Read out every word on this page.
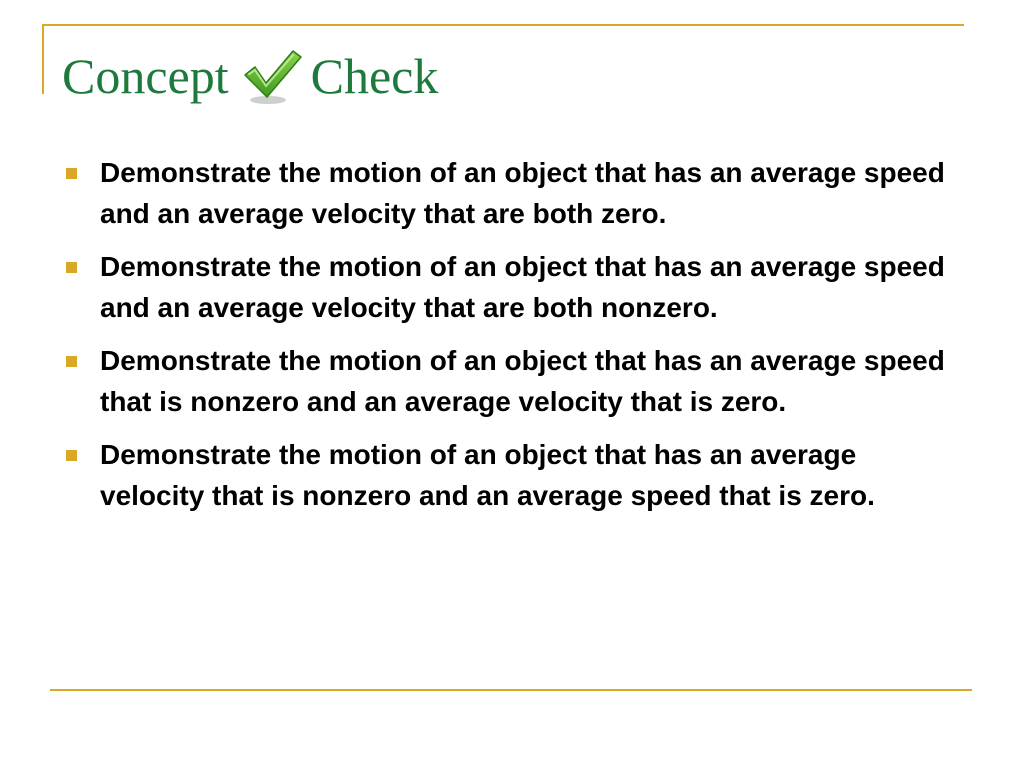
Concept Check
Demonstrate the motion of an object that has an average speed and an average velocity that are both zero.
Demonstrate the motion of an object that has an average speed and an average velocity that are both nonzero.
Demonstrate the motion of an object that has an average speed that is nonzero and an average velocity that is zero.
Demonstrate the motion of an object that has an average velocity that is nonzero and an average speed that is zero.
